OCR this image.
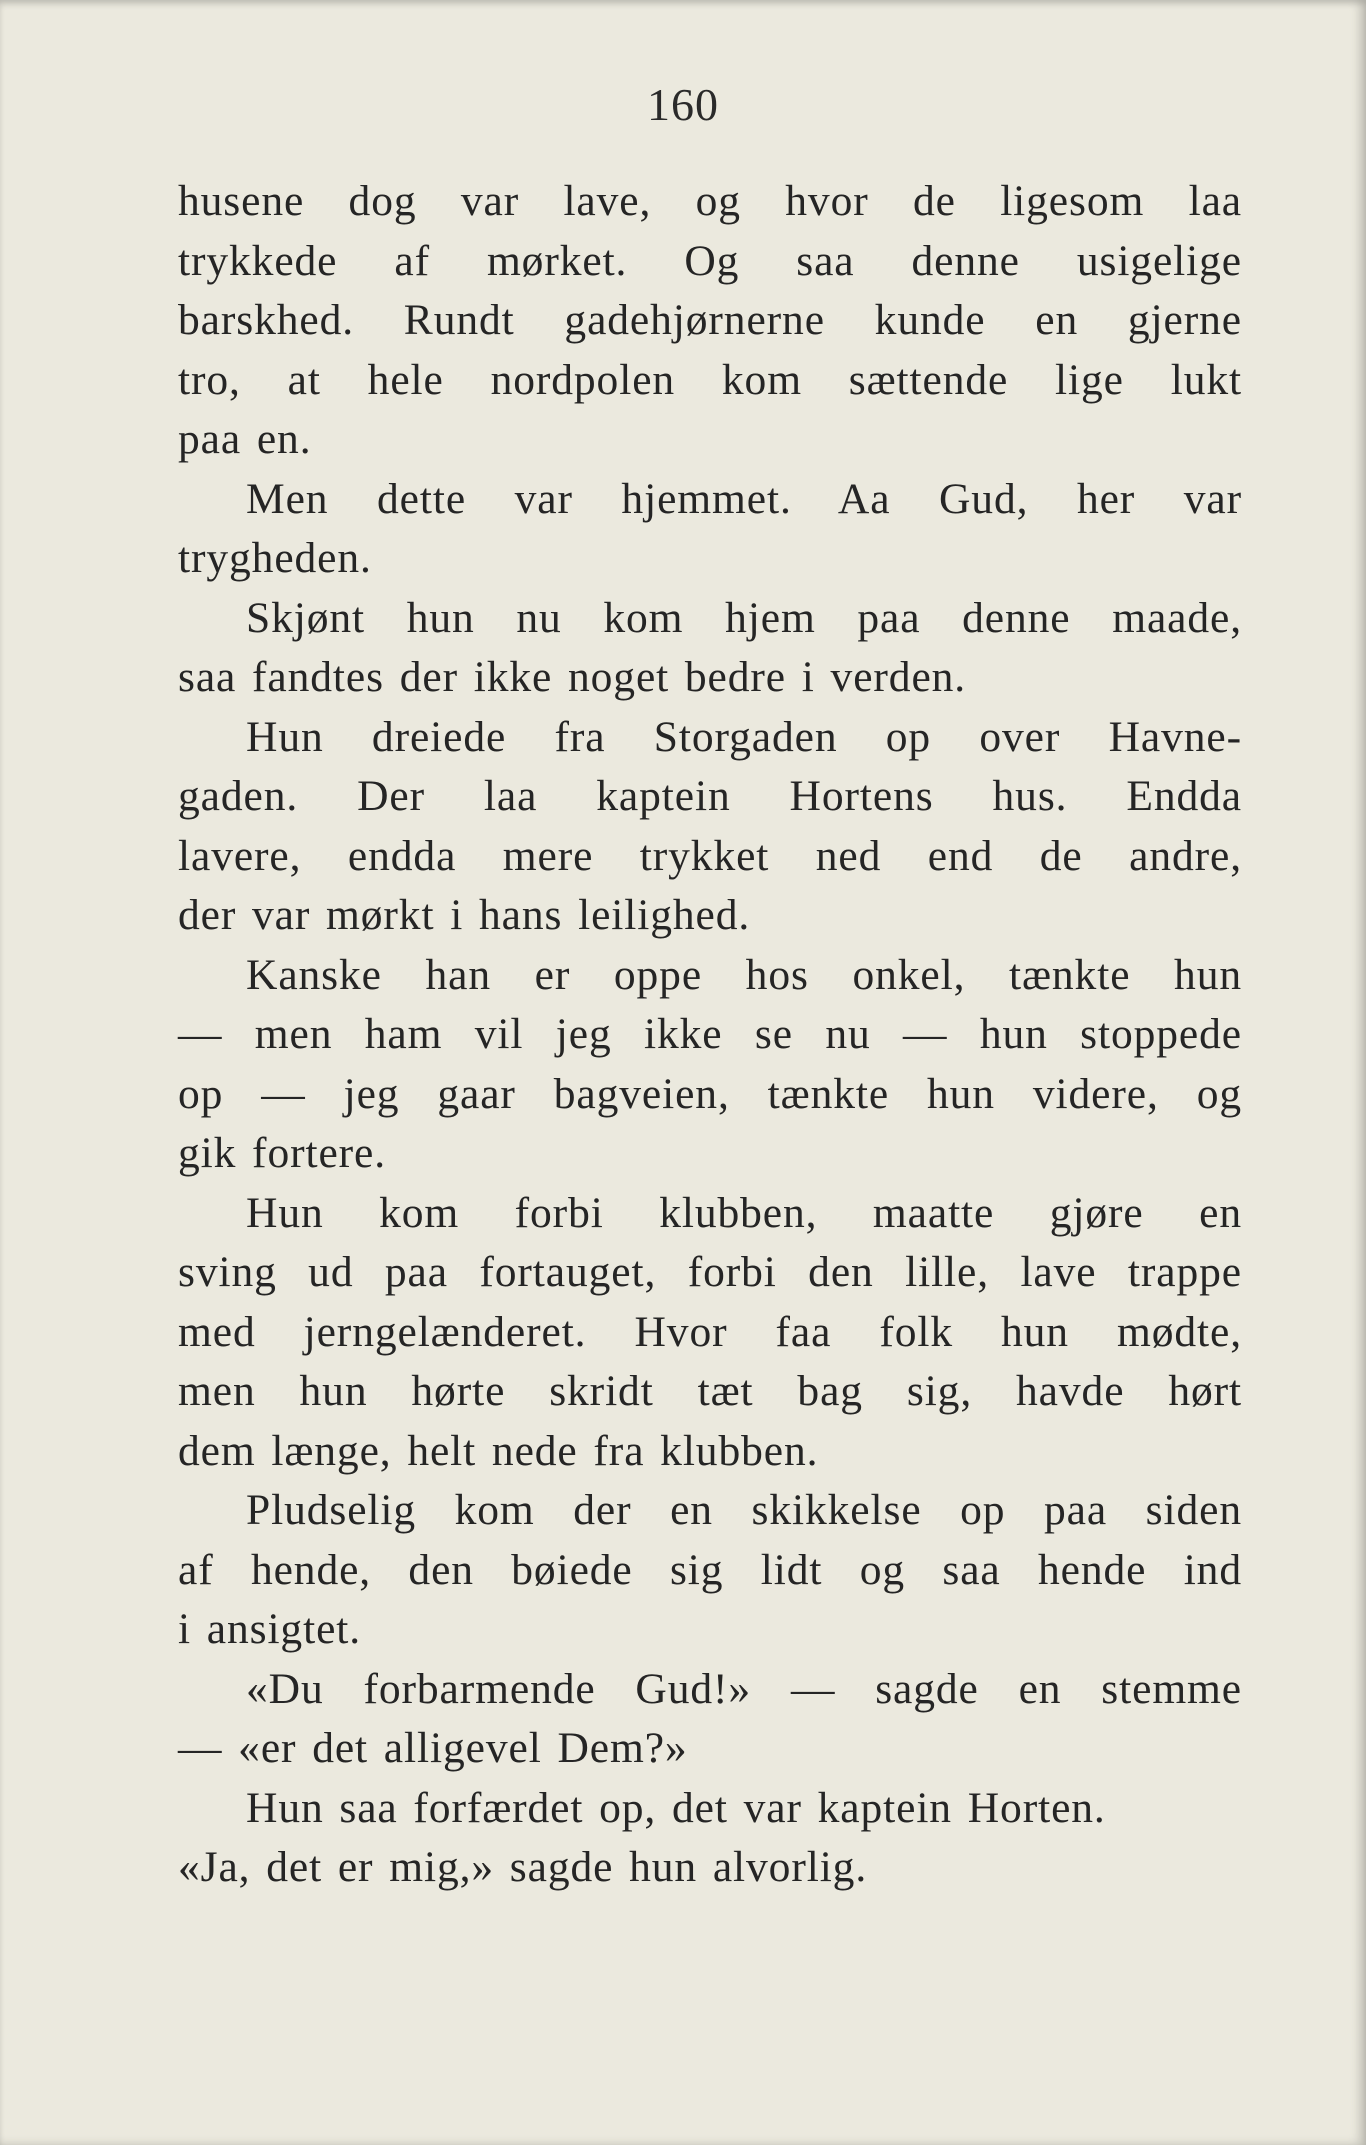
160
husene dog var lave, og hvor de ligesom laa
trykkede af mørket. Og saa denne usigelige
barskhed. Rundt gadehjørnerne kunde en gjerne
tro, at hele nordpolen kom sættende lige lukt
paa en.
Men dette var hjemmet. Aa Gud, her var
trygheden.
Skjønt hun nu kom hjem paa denne maade,
saa fandtes der ikke noget bedre i verden.
Hun dreiede fra Storgaden op over Havne-
gaden. Der laa kaptein Hortens hus. Endda
lavere, endda mere trykket ned end de andre,
der var mørkt i hans leilighed.
Kanske han er oppe hos onkel, tænkte hun
— men ham vil jeg ikke se nu — hun stoppede
op — jeg gaar bagveien, tænkte hun videre, og
gik fortere.
Hun kom forbi klubben, maatte gjøre en
sving ud paa fortauget, forbi den lille, lave trappe
med jerngelænderet. Hvor faa folk hun mødte,
men hun hørte skridt tæt bag sig, havde hørt
dem længe, helt nede fra klubben.
Pludselig kom der en skikkelse op paa siden
af hende, den bøiede sig lidt og saa hende ind
i ansigtet.
«Du forbarmende Gud!» — sagde en stemme
— «er det alligevel Dem?»
Hun saa forfærdet op, det var kaptein Horten.
«Ja, det er mig,» sagde hun alvorlig.
